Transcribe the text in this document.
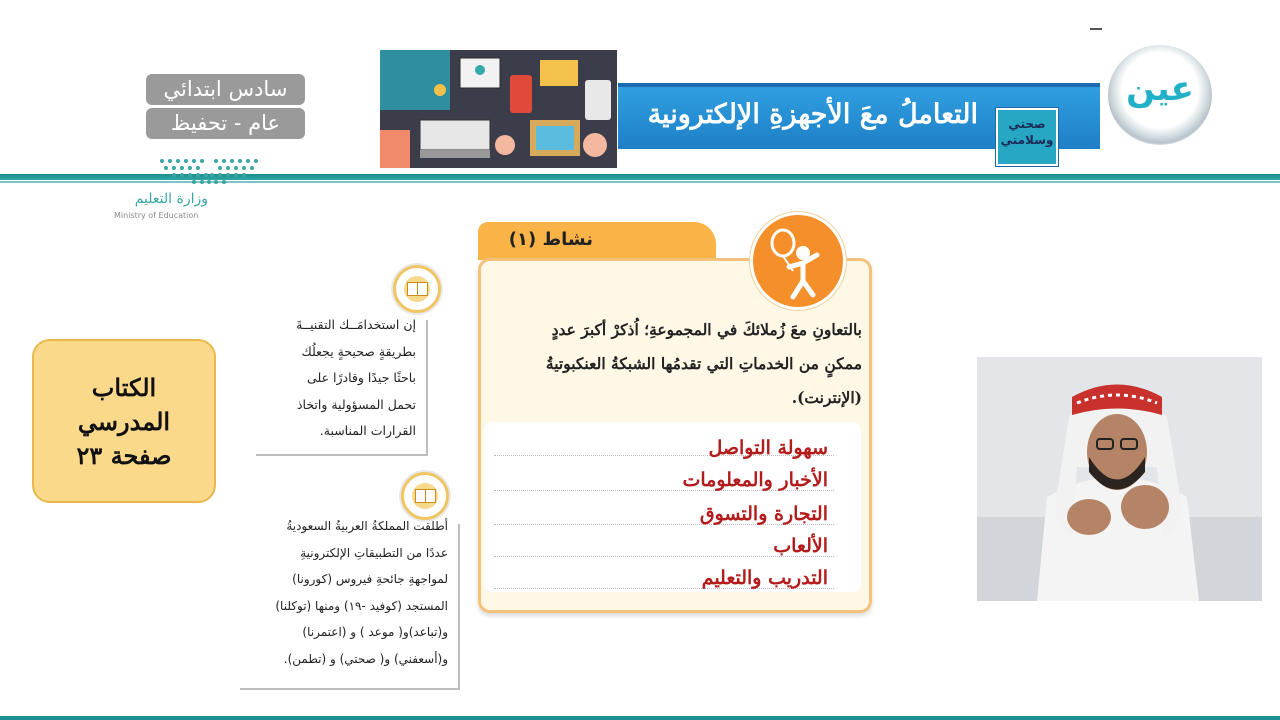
سادس ابتدائي
عام - تحفيظ
وزارة التعليم
Ministry of Education
التعاملُ معَ الأجهزةِ الإلكترونية	صحتي
وسلامتي
عين
الكتاب
المدرسي
صفحة ٢٣
إن استخدامَــك التقنيــةَ
بطريقةٍ صحيحةٍ يجعلُك
باحثًا جيدًا وقادرًا على
تحمل المسؤولية واتخاذ
القرارات المناسبة.
أطلقت المملكةُ العربيةُ السعوديةُ
عددًا من التطبيقاتِ الإلكترونيةِ
لمواجهةِ جائحةِ فيروس (كورونا)
المستجد (كوفيد -١٩) ومنها (توكلنا)
و(تباعد)و( موعد ) و (اعتمرنا)
و(أسعفني) و( صحتي) و (تطمن).
نشاط (١)
بالتعاونِ معَ زُملائكَ في المجموعةِ؛ اُذكرْ أكبرَ عددٍ
ممكنٍ من الخدماتِ التي تقدمُها الشبكةُ العنكبوتيةُ
(الإنترنت).
سهولة التواصل
الأخبار والمعلومات
التجارة والتسوق
الألعاب
التدريب والتعليم
